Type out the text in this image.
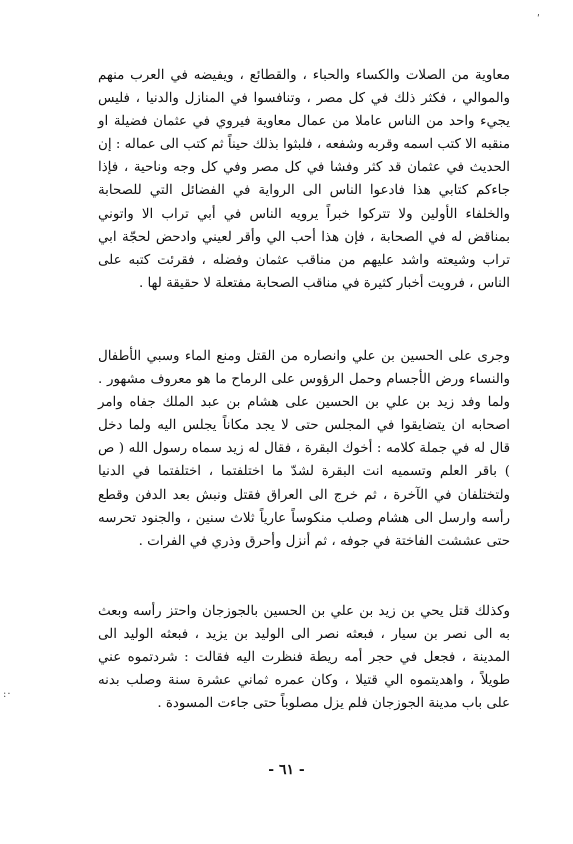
ʹ
·:

معاوية من الصلات والكساء والحباء ، والقطائع ، ويفيضه في العرب منهم والموالي ، فكثر ذلك في كل مصر ، وتنافسوا في المنازل والدنيا ، فليس يجيء واحد من الناس عاملا من عمال معاوية فيروي في عثمان فضيلة او منقبه الا كتب اسمه وقربه وشفعه ، فلبثوا بذلك حيناً ثم كتب الى عماله : إن الحديث في عثمان قد كثر وفشا في كل مصر وفي كل وجه وناحية ، فإذا جاءكم كتابي هذا فادعوا الناس الى الرواية في الفضائل التي للصحابة والخلفاء الأولين ولا تتركوا خبراً يرويه الناس في أبي تراب الا واتوني بمناقض له في الصحابة ، فإن هذا أحب الي وأقر لعيني وادحض لحجّة ابي تراب وشيعته واشد عليهم من مناقب عثمان وفضله ، فقرئت كتبه على الناس ، فرويت أخبار كثيرة في مناقب الصحابة مفتعلة لا حقيقة لها .

وجرى على الحسين بن علي وانصاره من القتل ومنع الماء وسبي الأطفال والنساء ورض الأجسام وحمل الرؤوس على الرماح ما هو معروف مشهور . ولما وفد زيد بن علي بن الحسين على هشام بن عبد الملك جفاه وامر اصحابه ان يتضايقوا في المجلس حتى لا يجد مكاناً يجلس اليه ولما دخل قال له في جملة كلامه : أخوك البقرة ، فقال له زيد سماه رسول الله ( ص ) باقر العلم وتسميه انت البقرة لشدّ ما اختلفتما ، اختلفتما في الدنيا ولتختلفان في الآخرة ، ثم خرج الى العراق فقتل ونبش بعد الدفن وقطع رأسه وارسل الى هشام وصلب منكوساً عارياً ثلاث سنين ، والجنود تحرسه حتى عششت الفاختة في جوفه ، ثم أنزل وأحرق وذري في الفرات .

وكذلك قتل يحي بن زيد بن علي بن الحسين بالجوزجان واحتز رأسه وبعث به الى نصر بن سيار ، فبعثه نصر الى الوليد بن يزيد ، فبعثه الوليد الى المدينة ، فجعل في حجر أمه ريطة فنظرت اليه فقالت : شردتموه عني طويلاً ، واهديتموه الي قتيلا ، وكان عمره ثماني عشرة سنة وصلب بدنه على باب مدينة الجوزجان فلم يزل مصلوباً حتى جاءت المسودة .

- ٦١ -
